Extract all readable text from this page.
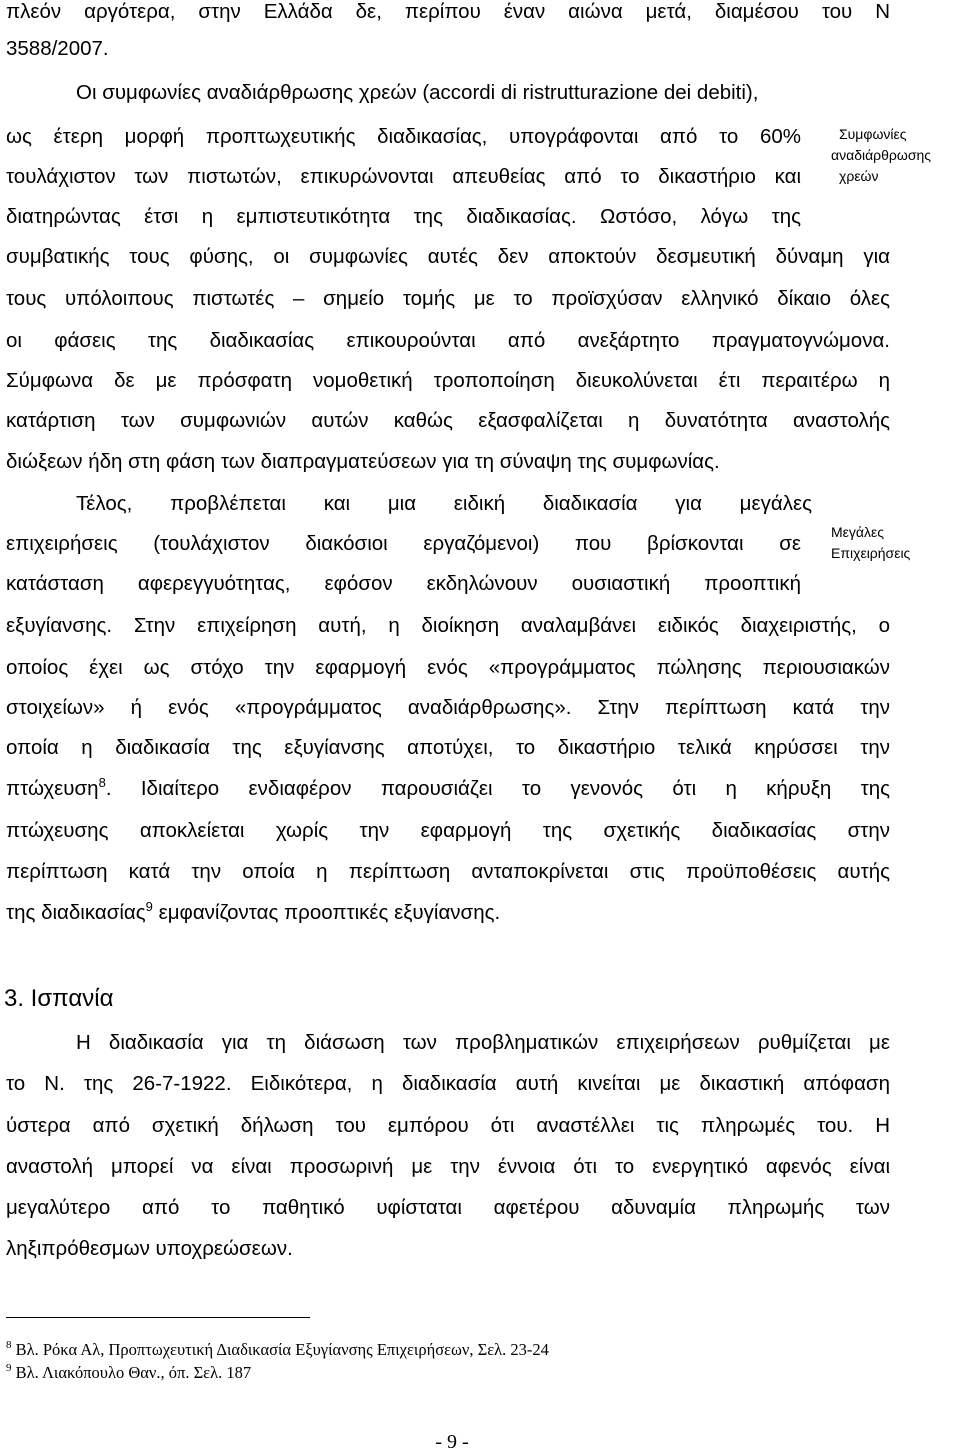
πλεόν αργότερα, στην Ελλάδα δε, περίπου έναν αιώνα μετά, διαμέσου του Ν
3588/2007.
Οι συμφωνίες αναδιάρθρωσης χρεών (accordi di ristrutturazione dei debiti),
ως έτερη μορφή προπτωχευτικής διαδικασίας, υπογράφονται από το 60%
τουλάχιστον των πιστωτών, επικυρώνονται απευθείας από το δικαστήριο και
διατηρώντας έτσι η εμπιστευτικότητα της διαδικασίας. Ωστόσο, λόγω της
συμβατικής τους φύσης, οι συμφωνίες αυτές δεν αποκτούν δεσμευτική δύναμη για
τους υπόλοιπους πιστωτές – σημείο τομής με το προϊσχύσαν ελληνικό δίκαιο όλες
οι φάσεις της διαδικασίας επικουρούνται από ανεξάρτητο πραγματογνώμονα.
Σύμφωνα δε με πρόσφατη νομοθετική τροποποίηση διευκολύνεται έτι περαιτέρω η
κατάρτιση των συμφωνιών αυτών καθώς εξασφαλίζεται η δυνατότητα αναστολής
διώξεων ήδη στη φάση των διαπραγματεύσεων για τη σύναψη της συμφωνίας.
Τέλος, προβλέπεται και μια ειδική διαδικασία για μεγάλες
επιχειρήσεις (τουλάχιστον διακόσιοι εργαζόμενοι) που βρίσκονται σε
κατάσταση αφερεγγυότητας, εφόσον εκδηλώνουν ουσιαστική προοπτική
εξυγίανσης. Στην επιχείρηση αυτή, η διοίκηση αναλαμβάνει ειδικός διαχειριστής, ο
οποίος έχει ως στόχο την εφαρμογή ενός «προγράμματος πώλησης περιουσιακών
στοιχείων» ή ενός «προγράμματος αναδιάρθρωσης». Στην περίπτωση κατά την
οποία η διαδικασία της εξυγίανσης αποτύχει, το δικαστήριο τελικά κηρύσσει την
πτώχευση$^8$. Ιδιαίτερο ενδιαφέρον παρουσιάζει το γενονός ότι η κήρυξη της
πτώχευσης αποκλείεται χωρίς την εφαρμογή της σχετικής διαδικασίας στην
περίπτωση κατά την οποία η περίπτωση ανταποκρίνεται στις προϋποθέσεις αυτής
της διαδικασίας$^9$ εμφανίζοντας προοπτικές εξυγίανσης.
Συμφωνίες
αναδιάρθρωσης
χρεών
Μεγάλες
Επιχειρήσεις
3. Ισπανία
Η διαδικασία για τη διάσωση των προβληματικών επιχειρήσεων ρυθμίζεται με
το Ν. της 26-7-1922. Ειδικότερα, η διαδικασία αυτή κινείται με δικαστική απόφαση
ύστερα από σχετική δήλωση του εμπόρου ότι αναστέλλει τις πληρωμές του. Η
αναστολή μπορεί να είναι προσωρινή με την έννοια ότι το ενεργητικό αφενός είναι
μεγαλύτερο από το παθητικό υφίσταται αφετέρου αδυναμία πληρωμής των
ληξιπρόθεσμων υποχρεώσεων.
$^8$ Βλ. Ρόκα Αλ, Προπτωχευτική Διαδικασία Εξυγίανσης Επιχειρήσεων, Σελ. 23-24
$^9$ Βλ. Λιακόπουλο Θαν., όπ. Σελ. 187
- 9 -
